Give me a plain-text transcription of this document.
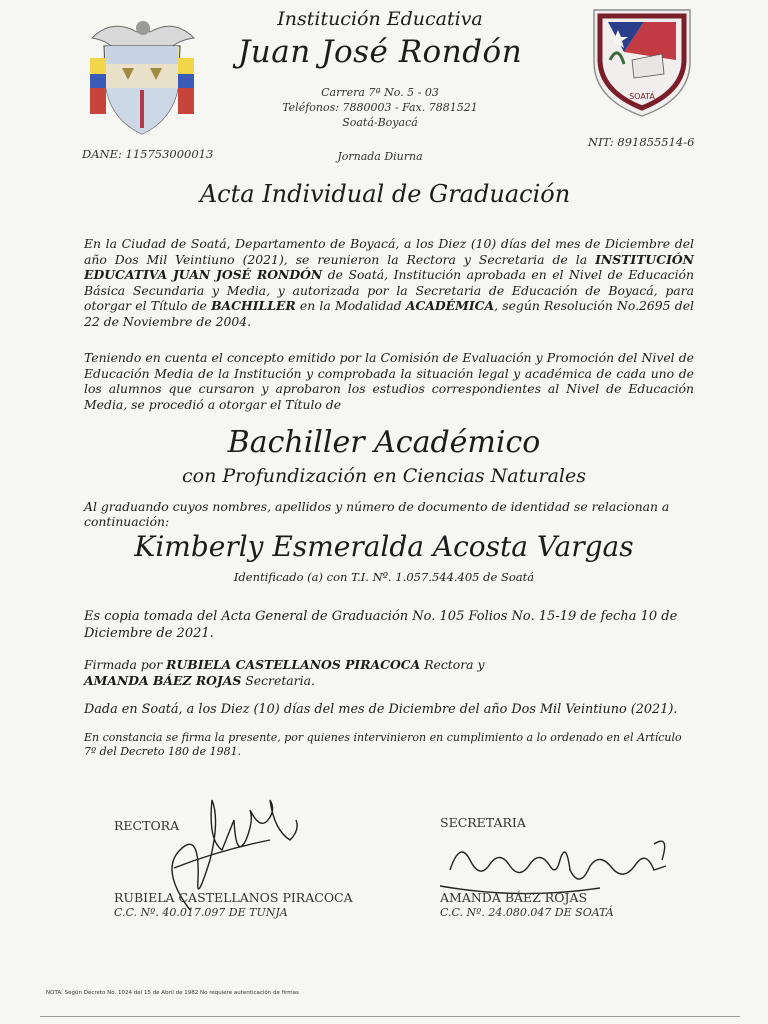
Institución Educativa
Juan José Rondón
Carrera 7ª No. 5 - 03
Teléfonos: 7880003 - Fax. 7881521
Soatá-Boyacá
SOATÁ
DANE: 115753000013	Jornada Diurna
NIT: 891855514-6
Acta Individual de Graduación
En la Ciudad de Soatá, Departamento de Boyacá, a los Diez (10) días del mes de Diciembre del año Dos Mil Veintiuno (2021), se reunieron la Rectora y Secretaria de la INSTITUCIÓN EDUCATIVA JUAN JOSÉ RONDÓN de Soatá, Institución aprobada en el Nivel de Educación Básica Secundaria y Media, y autorizada por la Secretaria de Educación de Boyacá, para otorgar el Título de BACHILLER en la Modalidad ACADÉMICA, según Resolución No.2695 del 22 de Noviembre de 2004.
Teniendo en cuenta el concepto emitido por la Comisión de Evaluación y Promoción del Nivel de Educación Media de la Institución y comprobada la situación legal y académica de cada uno de los alumnos que cursaron y aprobaron los estudios correspondientes al Nivel de Educación Media, se procedió a otorgar el Título de
Bachiller Académico
con Profundización en Ciencias Naturales
Al graduando cuyos nombres, apellidos y número de documento de identidad se relacionan a continuación:
Kimberly Esmeralda Acosta Vargas
Identificado (a) con T.I. Nº. 1.057.544.405 de Soatá
Es copia tomada del Acta General de Graduación No. 105 Folios No. 15-19 de fecha 10 de Diciembre de 2021.
Firmada por RUBIELA CASTELLANOS PIRACOCA Rectora y AMANDA BÁEZ ROJAS Secretaria.
Dada en Soatá, a los Diez (10) días del mes de Diciembre del año Dos Mil Veintiuno (2021).
En constancia se firma la presente, por quienes intervinieron en cumplimiento a lo ordenado en el Artículo 7º del Decreto 180 de 1981.
RECTORA	SECRETARIA
RUBIELA CASTELLANOS PIRACOCA
C.C. Nº. 40.017.097 DE TUNJA
AMANDA BÁEZ ROJAS
C.C. Nº. 24.080.047 DE SOATÁ
NOTA: Según Decreto No. 1024 del 15 de Abril de 1982 No requiere autenticación de firmas
